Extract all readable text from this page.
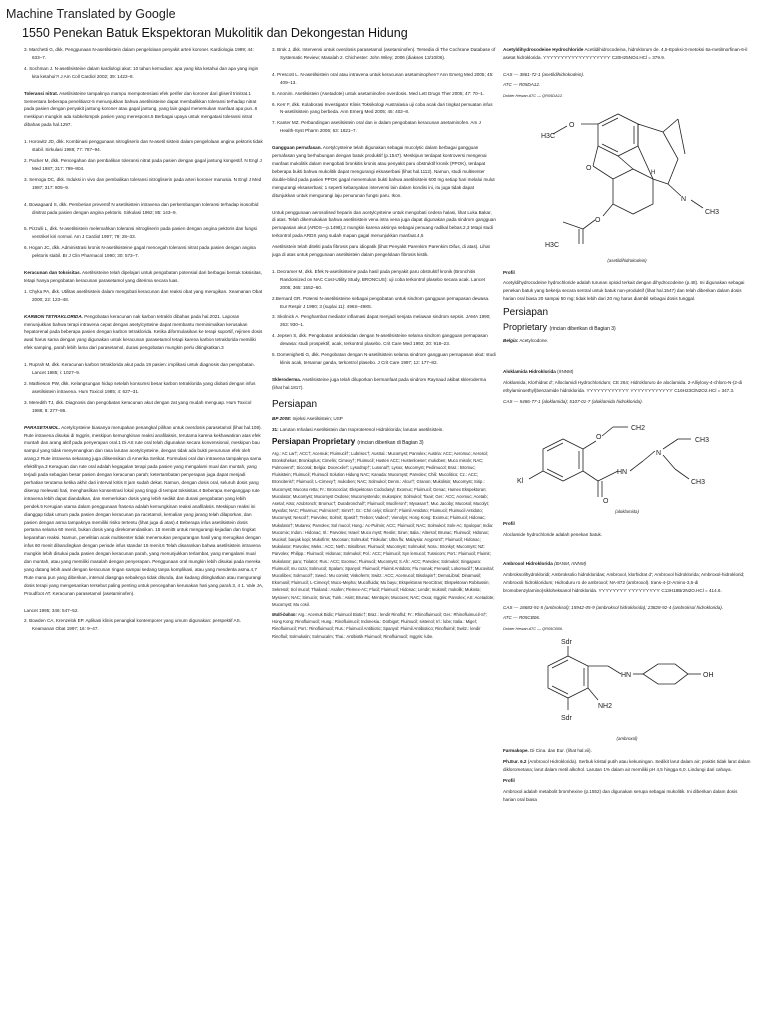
Machine Translated by Google
1550 Penekan Batuk Ekspektoran Mukolitik dan Dekongestan Hidung

3. Marchetti G, dkk. Penggunaan N-asetilsistein dalam pengelolaan penyakit arteri koroner. Kardiologia 1999; 44: 633–7.

4. Sochman J. N-asetilsisteine dalam kardiologi akut: 10 tahun kemudian: apa yang kita ketahui dan apa yang ingin kita ketahui?! J Am Coll Cardiol 2002; 39: 1422–8.

Toleransi nitrat. Asetilsisteine tampaknya mampu mempotensiasi efek perifer dan koroner dari gliseril trinitrat.1 Sementara beberapa penelitian2-5 menunjukkan bahwa asetilsisteine dapat membalikkan toleransi terhadap nitrat pada pasien dengan penyakit jantung koroner atau gagal jantung, yang lain gagal menemukan manfaat apa pun..6 meskipun mungkin ada subkelompok pasien yang merespons.5 Berbagai upaya untuk mengatasi toleransi nitrat dibahas pada hal.1297.

1. Horowitz JD, dkk. Kombinasi penggunaan nitrogliserin dan N-asetil sistein dalam pengelolaan angina pektoris tidak stabil. Sirkulasi 1988; 77: 787–94.

2. Packer M, dkk. Pencegahan dan pembalikan toleransi nitrat pada pasien dengan gagal jantung kongestif. N Engl J Med 1987; 317: 799–804.

3. Semoga DC, dkk. Induksi in vivo dan pembalikan toleransi nitrogliserin pada arteri koroner manusia. N Engl J Med 1987; 317: 805–9.

4. Bowagaard S, dkk. Pemberian preventif N asetilsistein intravena dan perkembangan toleransi terhadap isosorbid dinitrat pada pasien dengan angina pektoris. Sirkulasi 1992; 85: 143–9.

5. Pizzulli L, dkk. N-asetilsistein melemahkan toleransi nitrogliserin pada pasien dengan angina pektoris dan fungsi ventrikel kiri normal. Am J Cardiol 1997; 79: 28–33.

6. Hogan JC, dkk. Administrasi kronis N-asetilsisteine gagal mencegah toleransi nitrat pada pasien dengan angina pektoris stabil. Br J Clin Pharmacol 1990; 30: 573–7.

Keracunan dan toksisitas. Asetilsisteine telah dipelajari untuk pengobatan potensial dari berbagai bentuk toksisitas, tetapi hanya pengobatan keracunan parasetamol yang diterima secara luas.

1. Chyka PA, dkk. Utilitas asetilsistein dalam mengobati keracunan dan reaksi obat yang merugikan. Xeamanan Obat 2000; 22: 123–48.

KARBON TETRAKLORIDA. Pengobatan keracunan nak karbon tetraklo dibahas pada hal.2021. Laporan menunjukkan bahwa terapi intravena cepat dengan asetylcysteine dapat membantu meminimalkan kerusakan hepatorenal pada beberapa pasien dengan karbon tetraklorida. Ketika diformulasikan ke terapi suportif, rejimen dosis awal harus sama dengan yang digunakan untuk keracunan parasetamol tetapi karena karbon tetraklorida memiliki efek samping, parah lebih lama dari parasetamol, durasi pengobatan mungkin perlu ditingkatkan.3

1. Ruprah M, dkk. Keracunan karbon tetraklorida akut pada 19 pasien: implikasi untuk diagnosis dan pengobatan. Lancet 1985; i: 1027–9.

2. Mathieson PW, dkk. Kelangsungan hidup setelah konsumsi besar karbon tetraklorida yang diobati dengan infus asetilsistein intravena. Hum Toxicol 1985; 4: 627–31.

3. Meredith TJ, dkk. Diagnosis dan pengobatan keracunan akut dengan zat yang mudah menguap. Hum Toxicol 1988; 8: 277–86.

PARASETAMOL. Acetylcysteine biasanya merupakan penangkal pilihan untuk overdosis parasetamol (lihat hal.108). Rute intravena disukai di Inggris, meskipun kemungkinan reaksi anafilaksis, terutama karena kekhawatiran atas efek muntah dan arang aktif pada penyerapan oral.1 Di AS rute oral telah digunakan secara konvensional, meskipun bau sampul yang tidak menyenangkan dan rasa larutan acetylcysteine, dengan tidak ada bukti penurunan efek oleh arang.2 Rute intravena sekarang juga dilisensikan di Amerika Serikat. Formulasi oral dan intravena tampaknya sama efektifnya.3 Keraguan dan rute oral adalah kegagalan terapi pada pasien yang mengalami mual dan muntah, yang terjadi pada sebagian besar pasien dengan keracunan parah; ketertambatan penyerapan juga dapat menjadi perhatian terutama ketika akhir dari interval kritis 8 jam sudah dekat. Namun, dengan dosis oral, seluruh dosis yang diserap melewati hati, menghasilkan konsentrasi lokal yang tinggi di tempat toksisitas.4 Beberapa menganggap rute intravena lebih dapat diandalkan, dan memerlukan dosis yang lebih sedikit dan durasi pengobatan yang lebih pendek.5 Kerugian utama dalam penggunaan frasena adalah kemungkinan reaksi anafilaksis. Meskipun reaksi ini dianggap tidak umum pada pasien dengan keracunan pa racetamol, kemalian yang jarang telah dilaporkan, dan pasien dengan asma tampaknya memiliki risiko tertentu (lihat juga di atas).4 Beberapa infus asetilsistein dosis pertama selama 60 menit, bukan dosis yang direkomendasikan. 15 menit5 untuk mengurangi kejadian dan tingkat keparahan reaksi. Namun, penelitian acak multisenter tidak menemukan pengurangan hasil yang merugikan dengan infus 60 menit dibandingkan dengan periode infus standar 15 menit.6 Telah disarankan bahwa asetilsistein intravena mungkin lebih disukai pada pasien dengan keracunan parah, yang menunjukkan terlambat, yang mengalami mual dan muntah, atau yang memiliki masalah dengan penyerapan. Penggunaan oral mungkin lebih disukai pada mereka yang datang lebih awal dengan keracunan ringan sampai sedang tanpa komplikasi, atau yang mendenta asma.4,7 Rute mana pun yang diberikan, interval diasgnga sebaiknya tidak ditunda, dan kadang ditingkatkan atau mengurangi dosis terapi yang mengesankan tersebut paling penting untuk pencegahan kerusakan hati yang parah.3, 4 1. Vale JA, Proudfoot AT. Keracunan parasetamol (asetaminofen).

Lancet 1995; 346: 547–52.

2. Bowden CA, Krenzelok EP. Aplikasi klinis penangkal kontemporer yang umum digunakan: perspektif AS. Keamanan Obat 1997; 16: 9–47.

3. Brok J, dkk. Intervensi untuk overdosis parasetamol (asetaminofen). Tersedia di The Cochrane Database of Systematic Review; Masalah 2. Chichester: John Wiley; 2006 (diakses 13/10/06).

4. Prescott L. N-asetilsistein oral atau intravena untuk keracunan asetaminophen? Ann Emerg Med 2005; 45: 409–13.

5. Anonim. Asetilsistein (Asetadote) untuk asetaminofen overdosis. Med Lett Drugs Ther 2005; 47: 70–1.

6. Kerr F, dkk. Kolaborasi Investigator Klinis Toksikologi Australasia uji coba acak dari tingkat pemuatan infus N-asetilsistein yang berbeda. Ann Emerg Med 2005; 45: 402–8.

7. Kanter MZ. Perbandingan asetilsistein oral dan iv dalam pengobatan keracunan asetaminofen. Am J Health-Syst Pharm 2006; 63: 1821–7.

Gangguan pernafasan. Acetylcysteine telah digunakan sebagai mucolytic dalam berbagai gangguan pernafasan yang berhubungan dengan batuk produktif (p.1547). Meskipun terdapat kontroversi mengenai manfaat mukolitik dalam mengobati bronkitis kronis atau penyakit paru obstruktif kronik (PPOK), terdapat beberapa bukti bahwa mukolitik dapat mengurangi eksaserbasi (lihat hal.1112). Namun, studi multisenter double-blind pada pasien PPOK gagal menemukan bukti bahwa asetilsistein 600 mg setiap hari melalui mulut mengurangi eksaserbasi; 1 seperti kebanyakan intervensi lain dalam kondisi ini, itu juga tidak dapat ditunjukkan untuk mengurangi laju penurunan fungsi paru. Ikon.

Untuk penggunaan aerosolised heparin dan acetylcysteine untuk mengobati cedera halasi, lihat Luka Bakar, di atas. Telah dikemukakan bahwa asetilsistein vena intra vena juga dapat digunakan pada sindrom gangguan pernapasan akut (ARDS—p.1498),2 mungkin karena aksinya sebagai penuang radikal bebas.2,3 tetapi studi terkontrol pada ARDS yang sudah mapan gagal menunjukkan manfaat.4,5

Asetilsistein telah diteliti pada fibrosis paru idiopatik (lihat Penyakit Parenkim Parenkim Difus, di atas). Lihat juga di atas untuk penggunaan asetilsistein dalam pengelolaan fibrosis kistik.

1. Decramer M, dkk. Efek N-asetilsisteine pada hasil pada penyakit paru obstruktif kronik (Bronchitis Randomized on NAC Cost-Utility Study, BRONCUS): uji coba terkontrol plasebo secara acak. Lancet 2005; 365: 1552–60.

2.Bernard GR. Potensi N-asetilsisteine sebagai pengobatan untuk sindrom gangguan pernapasan dewasa. Eur Respir J 1990; 3 (suplai 11): 496S–498S.

3. Skolnick A. Penghambat mediator inflamasi dapat menjadi senjata melawan sindrom sepsis. JAMA 1990; 263: 930–1.

4. Jepsen S, dkk. Pengobatan antioksidan dengan N-asetilsisteine selama sindrom gangguan pernapasan dewasa: studi prospektif, acak, terkontrol plasebo. Crit Care Med 1992; 20: 918–23.

5. Domenighetti G, dkk. Pengobatan dengan N-asetilsistein selama sindrom gangguan pernapasan akut: studi klinis acak, tersamar ganda, terkontrol plasebo. J Crit Care 1997; 12: 177–82.

Skleroderma. Asetilsisteine juga telah diluporkan bermanfaat pada sindrom Raynaud akibat skleroderma (lihat hal.1817).

Persiapan

BP 2008: Injeksi Asetilsistein; USP

31: Larutan Inhalasi Asetilsistein dan Isoproterenol Hidroklorida; larutan asetilsistein.

Persiapan Proprietary (rincian diberikan di Bagian 3)

Arg.: AC Lar†; ACC†; Acemuk; Fluimucil†; Lubrisec†; Austral.: Mucomyst; Parvolex; Austria: ACC; Aeromuc; Aerosol; Bronkohekas; Bronkoplus; Cimelin; Cimexy†; Fluimucil; Husten ACC; Hustenloeser; mukoben; Muco misolv; NAC; Pulmovent†; Siccoral; Belgia: Docecxile†; Lysodrop†; Lusonal†; Lysox; Mucomyst; Pedimucol; Braz.: Bromuc; Fluisistein; Fluimucil; Fluimucil Solution Hidung NAC; Kanada: Mucomyst; Parvolex; Chili: Mucolitico; Cz.: ACC; Bronciteris†; Fluimucil; L-Cimexy†; mukoben; NAC; Solmukol; Denm.: Alcur†; Granon; Mukolisin; Mucomyst; Sirip.: Mucomyst; Mucoso retta; Fr.: Broncoclar; Ekspektoran Codoclasyl; Exomuc; Fluimucil; Genac; Humex Ekspektoran; Mucolator; Mucomyst; Mucomyst Oxdose; Mucomystendo; mukospire; Solmukol; Tixair; Ger.: ACC; Acemuc; Acetab; Asetal; Atso; Azubronch; Bromuc†; Durabronchal†; Fluimucil; Muciferon†; Myxasan†; Muc Jacoby; Mucosol; Mucolyt; Myxofat; NAC; Pharmuc; Pulmicret†; Simrt†; Gr.: Chri celyi; Elicon†; Fluimil Antidoto; Fluimucil; Fluimucil Antidoto; Mucomyst; Nescol†; Parvolex; Solmit; Spasit†; Trebon; Vadex†; Vienolys; Hong Kong: Exomuc; Fluimucil; Hidonac; Mukolator†; Mutarex; Parvolex; Sol mucol; Hung.: Ac-Pulmin; ACC; Fluimucil; NAC; Solmukol; Solv-Ac; Spulopur; India: Mucomix; Indon.: Hidonac; Irl.: Parvolex; Israel: Muco myst; Reolin; Siran; Italia.: Altersol; Brunac; Fluimucil; Hidonac; Mucisol; banjak kopi; Mukofirm; Mucosan; Solmukol; Tirokular; Ultra flu; Malaysia: Acypront†; Fluimucil; Hidonac; Mukolator; Parvolex; Meks.: ACC; Neth.: Bisolbrus; Fluimucil; Mucomyst; Solmukol; Nora.: Bronkyt; Mucomyst; NZ: Parvolex; Philipp.: Fluimucil; Hidonac; Solmukol; Pol.: ACC; Fluimucil; Syn lemucol; Tussicom; Port.: Fluimucil; Fluimit; Mukolator; paru; Tiolator; Rus.: ACC; Exomuc; Fluimucil; Mucomyst; S.Afr.: ACC; Parvolex; Solmukol; Singapura: Fluimucil; mu coza; Solmucol; Spalam; Spanyol: Fluimucil; Fluimit Antidoto; Flu monak; Frenasil; Lokomucil†; Mucovital; Mucolibex; Solmucol†; Swed.: Mu comist; Viskoferm; Switz.: ACC; Acemucol; Bisolapin†; DemoLibral; Dinamusil; Ekomusil; Fluimucil; L-Cimexyl; Muco-Mepha; Mucofluida; Mu bayu; Ekspektoran NeoCitran; Ekspektoran Robitussin; Sekresol; Sol mucol; Thailand.: Asafen; Flemex-AC; Flucil; Fluimucil; Hidonac; Lendir; mukosil; mukolik; Mukosa; Mysoven; NAC; Simucin; Sinus; Tunk.: Asist; Brunac; Mentopin; Mucoxes; NAC; Oxxa; Inggris: Parvolex; AS: Acetadote; Mucomyst; Mu cosil.

Multi-bahan: Arg.: Acemuk Bidic; Fluimucil Biotic†; Braz.: lendir Rinoflul; Fr.: Rhinofluimucil; Ger.: Rhinofluimucil-S†; Hong Kong: Rinofluimucil; Hung.: Rinofluimucil; Indonesia.: Dorbigot; Fluimucil; sistenol; Irl.: lube; Italia.: Migel; Rinofluimucil; Port.: Rinofluimucil; Rus.: Fluimucil Antibiotic; Spanyol: Fluimil Antibiotico; Rinofluimil; Switz.: lendir Rinofluil; Solmukalin; Solmucalm; Thai.: Antibiotik Fluimucil; Rinofluimucil; Inggris: lube.

Acetyldihydrocodeine Hydrochloride Acetildihidrocodeina, hidroklorum de. 4,5-Epoksi-3-metoksi 6a-metilmorfinan-6-il asetat hidroklorida. ƳƳƳƳƳƳƳƳƳƳƳƳƳƳƳƳƳƳƳ C20H25NO4.HCl = 379.9.

CAS — 3861-72-1 (asetildihidrokodein).

ATC — R05DA12.

Dokter Hewan ATC — QR05DA12.

H3C
O
O
O
H
N
CH3
H3C
(asetildihidrokodein)

Profil

Acetyldihydrocodeine hydrochloride adalah turunan opioid terkait dengan dihydrocodeine (p.48). Ini digunakan sebagai penekan batuk yang bekerja secara sentral untuk batuk non-produktif (lihat hal.1547) dan telah diberikan dalam dosis harian oral biasa 20 sampai 50 mg; tidak lebih dari 20 mg harus diambil sebagai dosis tunggal.

Persiapan
Proprietary (rincian diberikan di Bagian 3)

Belgia: Acetylcodone.

Aloklamida Hidroklorida (rINNM)

Aloklamida, Klorhidrat d'; Alloclamidi Hydrochloridum; CE 264; Hidrokloruro de aloclamida. 2-Alliyloxy-4-chloro-N-(2-di ethylaminoethyl)benzamide hidroklorida. ƳƳƳƳƳƳƳƳƳƳƳƳ ƳƳƳƳƳƳƳƳƳƳƳƳ C16H23ClN2O2.HCl = 347.3.

CAS — 5486-77-1 (aloklamida); 5107-01-7 (aloklamida hidroklorida).

CH2
CH3
O
N
O
HN
CH3
Kl
(aloklamida)

Profil

Aloclamide hydrochloride adalah penekan batuk.

Ambroxol Hidroklorida (BANM, rINNM)

Ambroksolihydrokloridi; Ambroksolio hidrokloridas; Ambroxol, klorhidrat d'; Ambroxol hidroklorida; Ambroxol-hidroklorid; Ambroxoli hidrokloridum; Hidroduru ro de ambroxol; NA-872 (ambroxol). trans-4-(2-Amino-3,5-di bromobenzylamino)sikloheksanol hidroklorida. ƳƳƳƳƳƳƳƳ ƳƳƳƳƳƳƳƳƳ C13H18Br2N2O.HCl = 414.6.

CAS — 18683-91-5 (ambroksol); 15942-05-9 (ambroksol hidroklorida); 23828-92-4 (ambroksol hidroklorida).

ATC — R05CB06.

Dokter Hewan ATC — QR05CB06.

Sdr
HN	OH
NH2
Sdr
(ambroxol)

Farmakope. Di Cina. dan Eur. (lihat hal.vii).

Ph.Eur. 6.2 (Ambroxol Hidroklorida). Serbuk kristal putih atau kekuningan. Sedikit larut dalam air; praktis tidak larut dalam diklorometana; larut dalam metil alkohol. Larutan 1% dalam air memiliki pH 4,5 hingga 6,0. Lindungi dari cahaya.

Profil

Ambroxol adalah metabolit bromhexine (p.1552) dan digunakan serupa sebagai mukolitik. Ini diberikan dalam dosis harian oral biasa
